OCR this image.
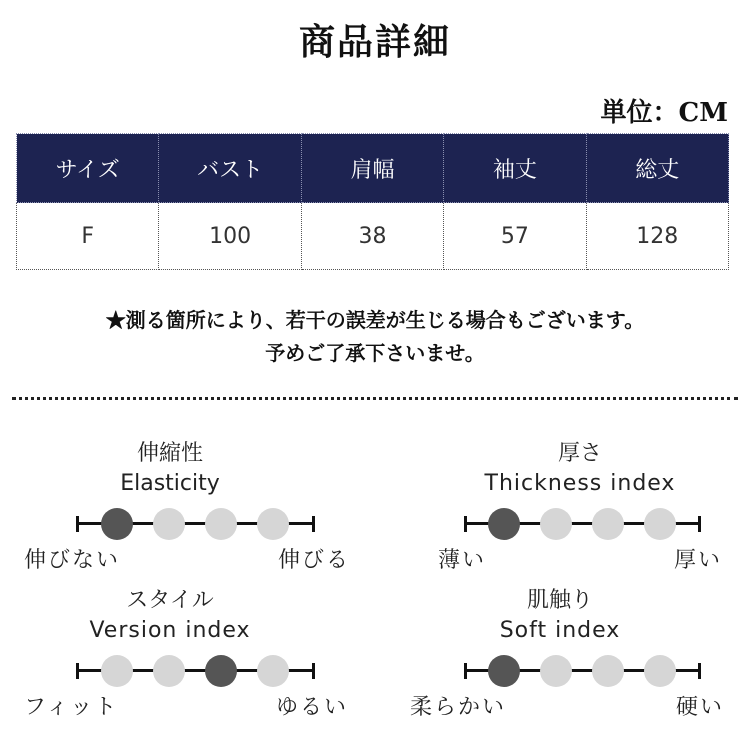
商品詳細
単位：CM
サイズ	バスト	肩幅	袖丈	総丈
F	100	38	57	128
★測る箇所により、若干の誤差が生じる場合もございます。
予めご了承下さいませ。
伸縮性
Elasticity
伸びない	伸びる
厚さ
Thickness index
薄い	厚い
スタイル
Version index
フィット	ゆるい
肌触り
Soft index
柔らかい	硬い
